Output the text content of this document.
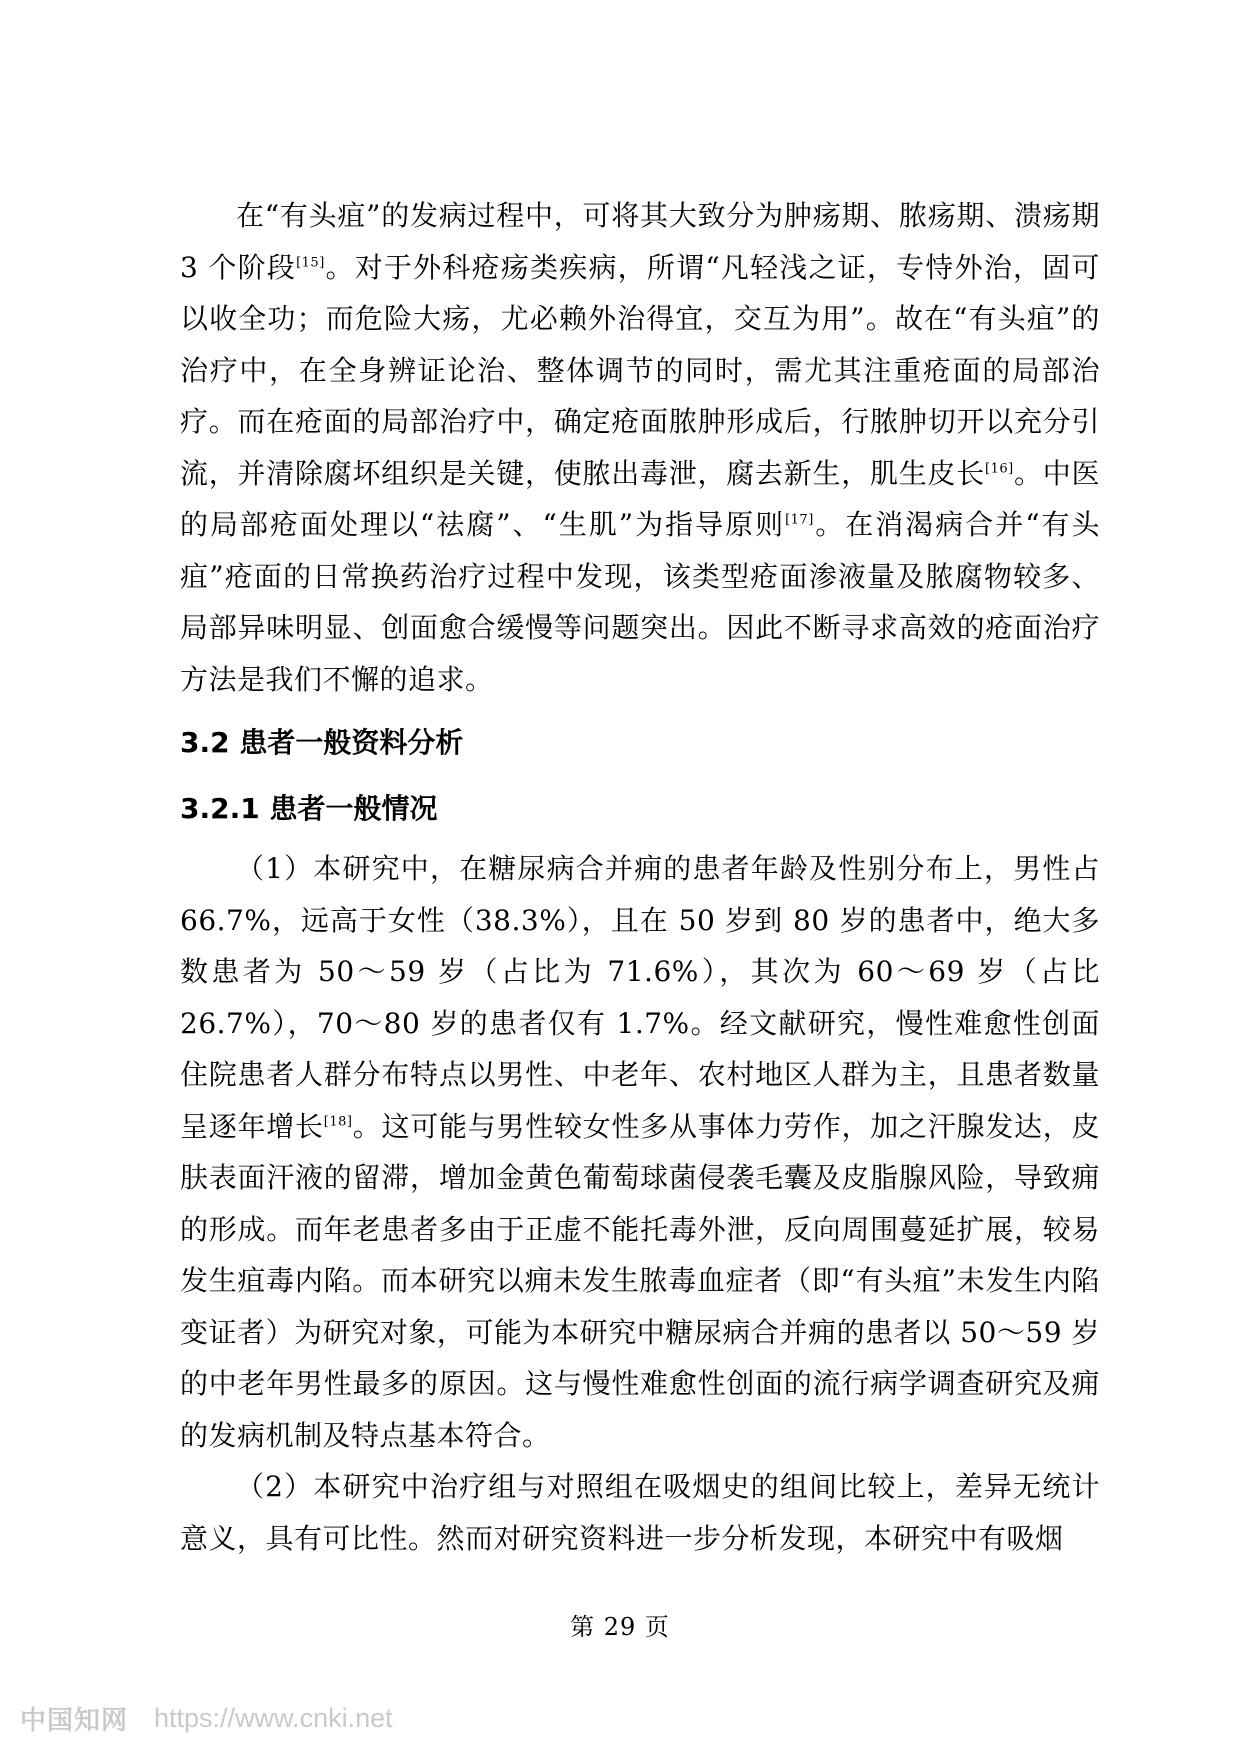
在“有头疽”的发病过程中，可将其大致分为肿疡期、脓疡期、溃疡期 3 个阶段[15]。对于外科疮疡类疾病，所谓“凡轻浅之证，专恃外治，固可以收全功；而危险大疡，尤必赖外治得宜，交互为用”。故在“有头疽”的治疗中，在全身辨证论治、整体调节的同时，需尤其注重疮面的局部治疗。而在疮面的局部治疗中，确定疮面脓肿形成后，行脓肿切开以充分引流，并清除腐坏组织是关键，使脓出毒泄，腐去新生，肌生皮长[16]。中医的局部疮面处理以“祛腐”、“生肌”为指导原则[17]。在消渴病合并“有头疽”疮面的日常换药治疗过程中发现，该类型疮面渗液量及脓腐物较多、局部异味明显、创面愈合缓慢等问题突出。因此不断寻求高效的疮面治疗方法是我们不懈的追求。

3.2 患者一般资料分析
3.2.1 患者一般情况

（1）本研究中，在糖尿病合并痈的患者年龄及性别分布上，男性占 66.7%，远高于女性（38.3%），且在 50 岁到 80 岁的患者中，绝大多数患者为 50～59 岁（占比为 71.6%），其次为 60～69 岁（占比 26.7%），70～80 岁的患者仅有 1.7%。经文献研究，慢性难愈性创面住院患者人群分布特点以男性、中老年、农村地区人群为主，且患者数量呈逐年增长[18]。这可能与男性较女性多从事体力劳作，加之汗腺发达，皮肤表面汗液的留滞，增加金黄色葡萄球菌侵袭毛囊及皮脂腺风险，导致痈的形成。而年老患者多由于正虚不能托毒外泄，反向周围蔓延扩展，较易发生疽毒内陷。而本研究以痈未发生脓毒血症者（即“有头疽”未发生内陷变证者）为研究对象，可能为本研究中糖尿病合并痈的患者以 50～59 岁的中老年男性最多的原因。这与慢性难愈性创面的流行病学调查研究及痈的发病机制及特点基本符合。

（2）本研究中治疗组与对照组在吸烟史的组间比较上，差异无统计意义，具有可比性。然而对研究资料进一步分析发现，本研究中有吸烟

第 29 页
中国知网 https://www.cnki.net
